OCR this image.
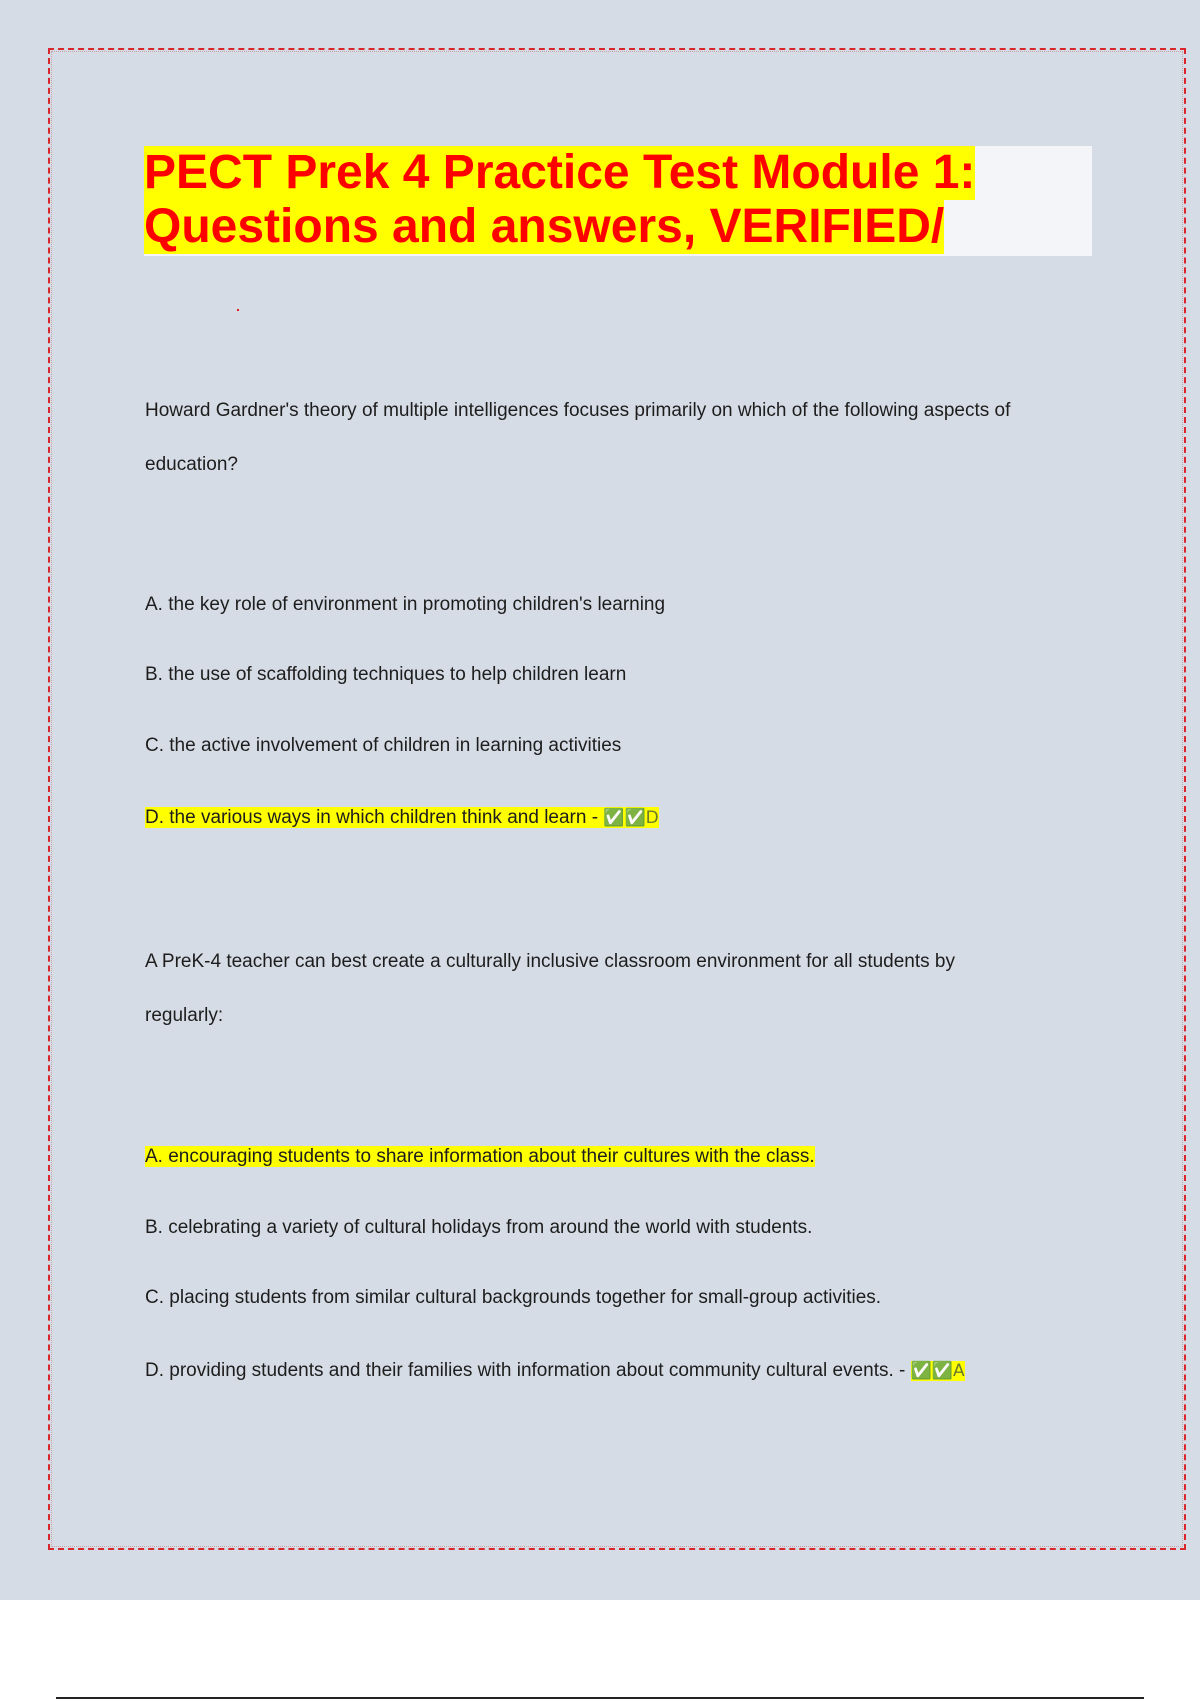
PECT Prek 4 Practice Test Module 1:
Questions and answers, VERIFIED/

Howard Gardner's theory of multiple intelligences focuses primarily on which of the following aspects of

education?

A. the key role of environment in promoting children's learning

B. the use of scaffolding techniques to help children learn

C. the active involvement of children in learning activities

D. the various ways in which children think and learn - ✅✅D

A PreK-4 teacher can best create a culturally inclusive classroom environment for all students by

regularly:

A. encouraging students to share information about their cultures with the class.

B. celebrating a variety of cultural holidays from around the world with students.

C. placing students from similar cultural backgrounds together for small-group activities.

D. providing students and their families with information about community cultural events. - ✅✅A
